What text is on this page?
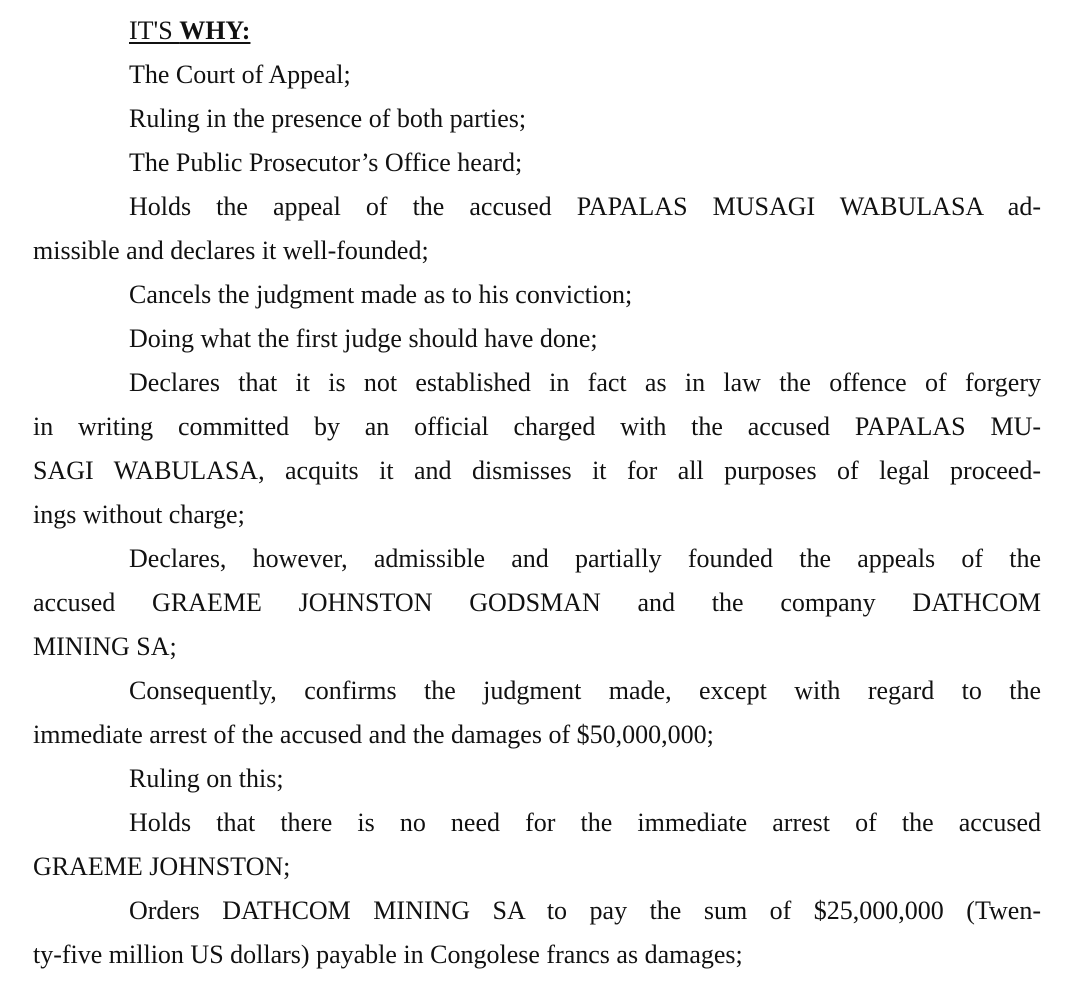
IT'S WHY:
The Court of Appeal;
Ruling in the presence of both parties;
The Public Prosecutor’s Office heard;
Holds the appeal of the accused PAPALAS MUSAGI WABULASA ad-
missible and declares it well-founded;
Cancels the judgment made as to his conviction;
Doing what the first judge should have done;
Declares that it is not established in fact as in law the offence of forgery
in writing committed by an official charged with the accused PAPALAS MU-
SAGI WABULASA, acquits it and dismisses it for all purposes of legal proceed-
ings without charge;
Declares, however, admissible and partially founded the appeals of the
accused GRAEME JOHNSTON GODSMAN and the company DATHCOM
MINING SA;
Consequently, confirms the judgment made, except with regard to the
immediate arrest of the accused and the damages of $50,000,000;
Ruling on this;
Holds that there is no need for the immediate arrest of the accused
GRAEME JOHNSTON;
Orders DATHCOM MINING SA to pay the sum of $25,000,000 (Twen-
ty-five million US dollars) payable in Congolese francs as damages;
